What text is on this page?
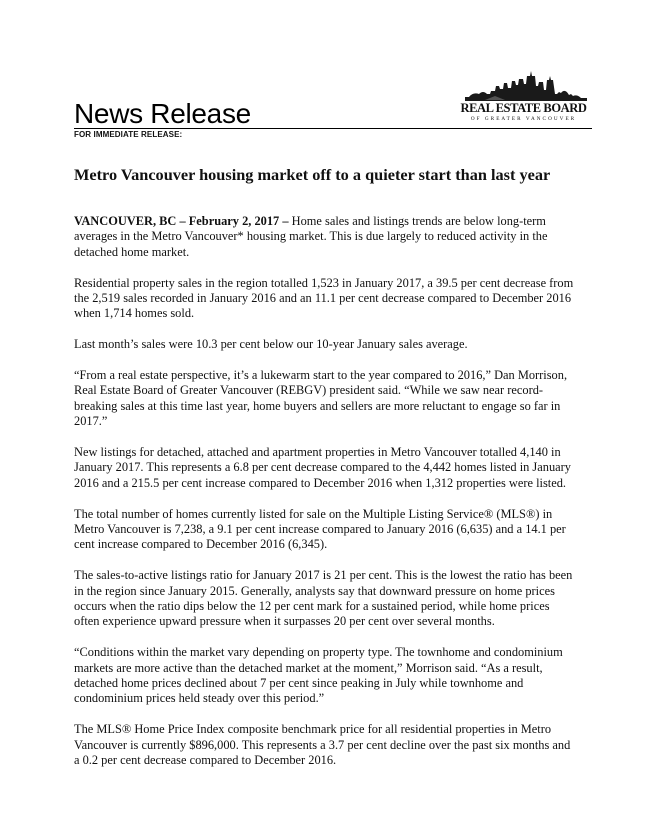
News Release
FOR IMMEDIATE RELEASE:
REAL ESTATE BOARD
OF GREATER VANCOUVER
Metro Vancouver housing market off to a quieter start than last year

VANCOUVER, BC – February 2, 2017 – Home sales and listings trends are below long-term averages in the Metro Vancouver* housing market. This is due largely to reduced activity in the detached home market.

Residential property sales in the region totalled 1,523 in January 2017, a 39.5 per cent decrease from the 2,519 sales recorded in January 2016 and an 11.1 per cent decrease compared to December 2016 when 1,714 homes sold.

Last month’s sales were 10.3 per cent below our 10-year January sales average.

“From a real estate perspective, it’s a lukewarm start to the year compared to 2016,” Dan Morrison, Real Estate Board of Greater Vancouver (REBGV) president said. “While we saw near record-breaking sales at this time last year, home buyers and sellers are more reluctant to engage so far in 2017.”

New listings for detached, attached and apartment properties in Metro Vancouver totalled 4,140 in January 2017. This represents a 6.8 per cent decrease compared to the 4,442 homes listed in January 2016 and a 215.5 per cent increase compared to December 2016 when 1,312 properties were listed.

The total number of homes currently listed for sale on the Multiple Listing Service® (MLS®) in Metro Vancouver is 7,238, a 9.1 per cent increase compared to January 2016 (6,635) and a 14.1 per cent increase compared to December 2016 (6,345).

The sales-to-active listings ratio for January 2017 is 21 per cent. This is the lowest the ratio has been in the region since January 2015. Generally, analysts say that downward pressure on home prices occurs when the ratio dips below the 12 per cent mark for a sustained period, while home prices often experience upward pressure when it surpasses 20 per cent over several months.

“Conditions within the market vary depending on property type. The townhome and condominium markets are more active than the detached market at the moment,” Morrison said. “As a result, detached home prices declined about 7 per cent since peaking in July while townhome and condominium prices held steady over this period.”

The MLS® Home Price Index composite benchmark price for all residential properties in Metro Vancouver is currently $896,000. This represents a 3.7 per cent decline over the past six months and a 0.2 per cent decrease compared to December 2016.
